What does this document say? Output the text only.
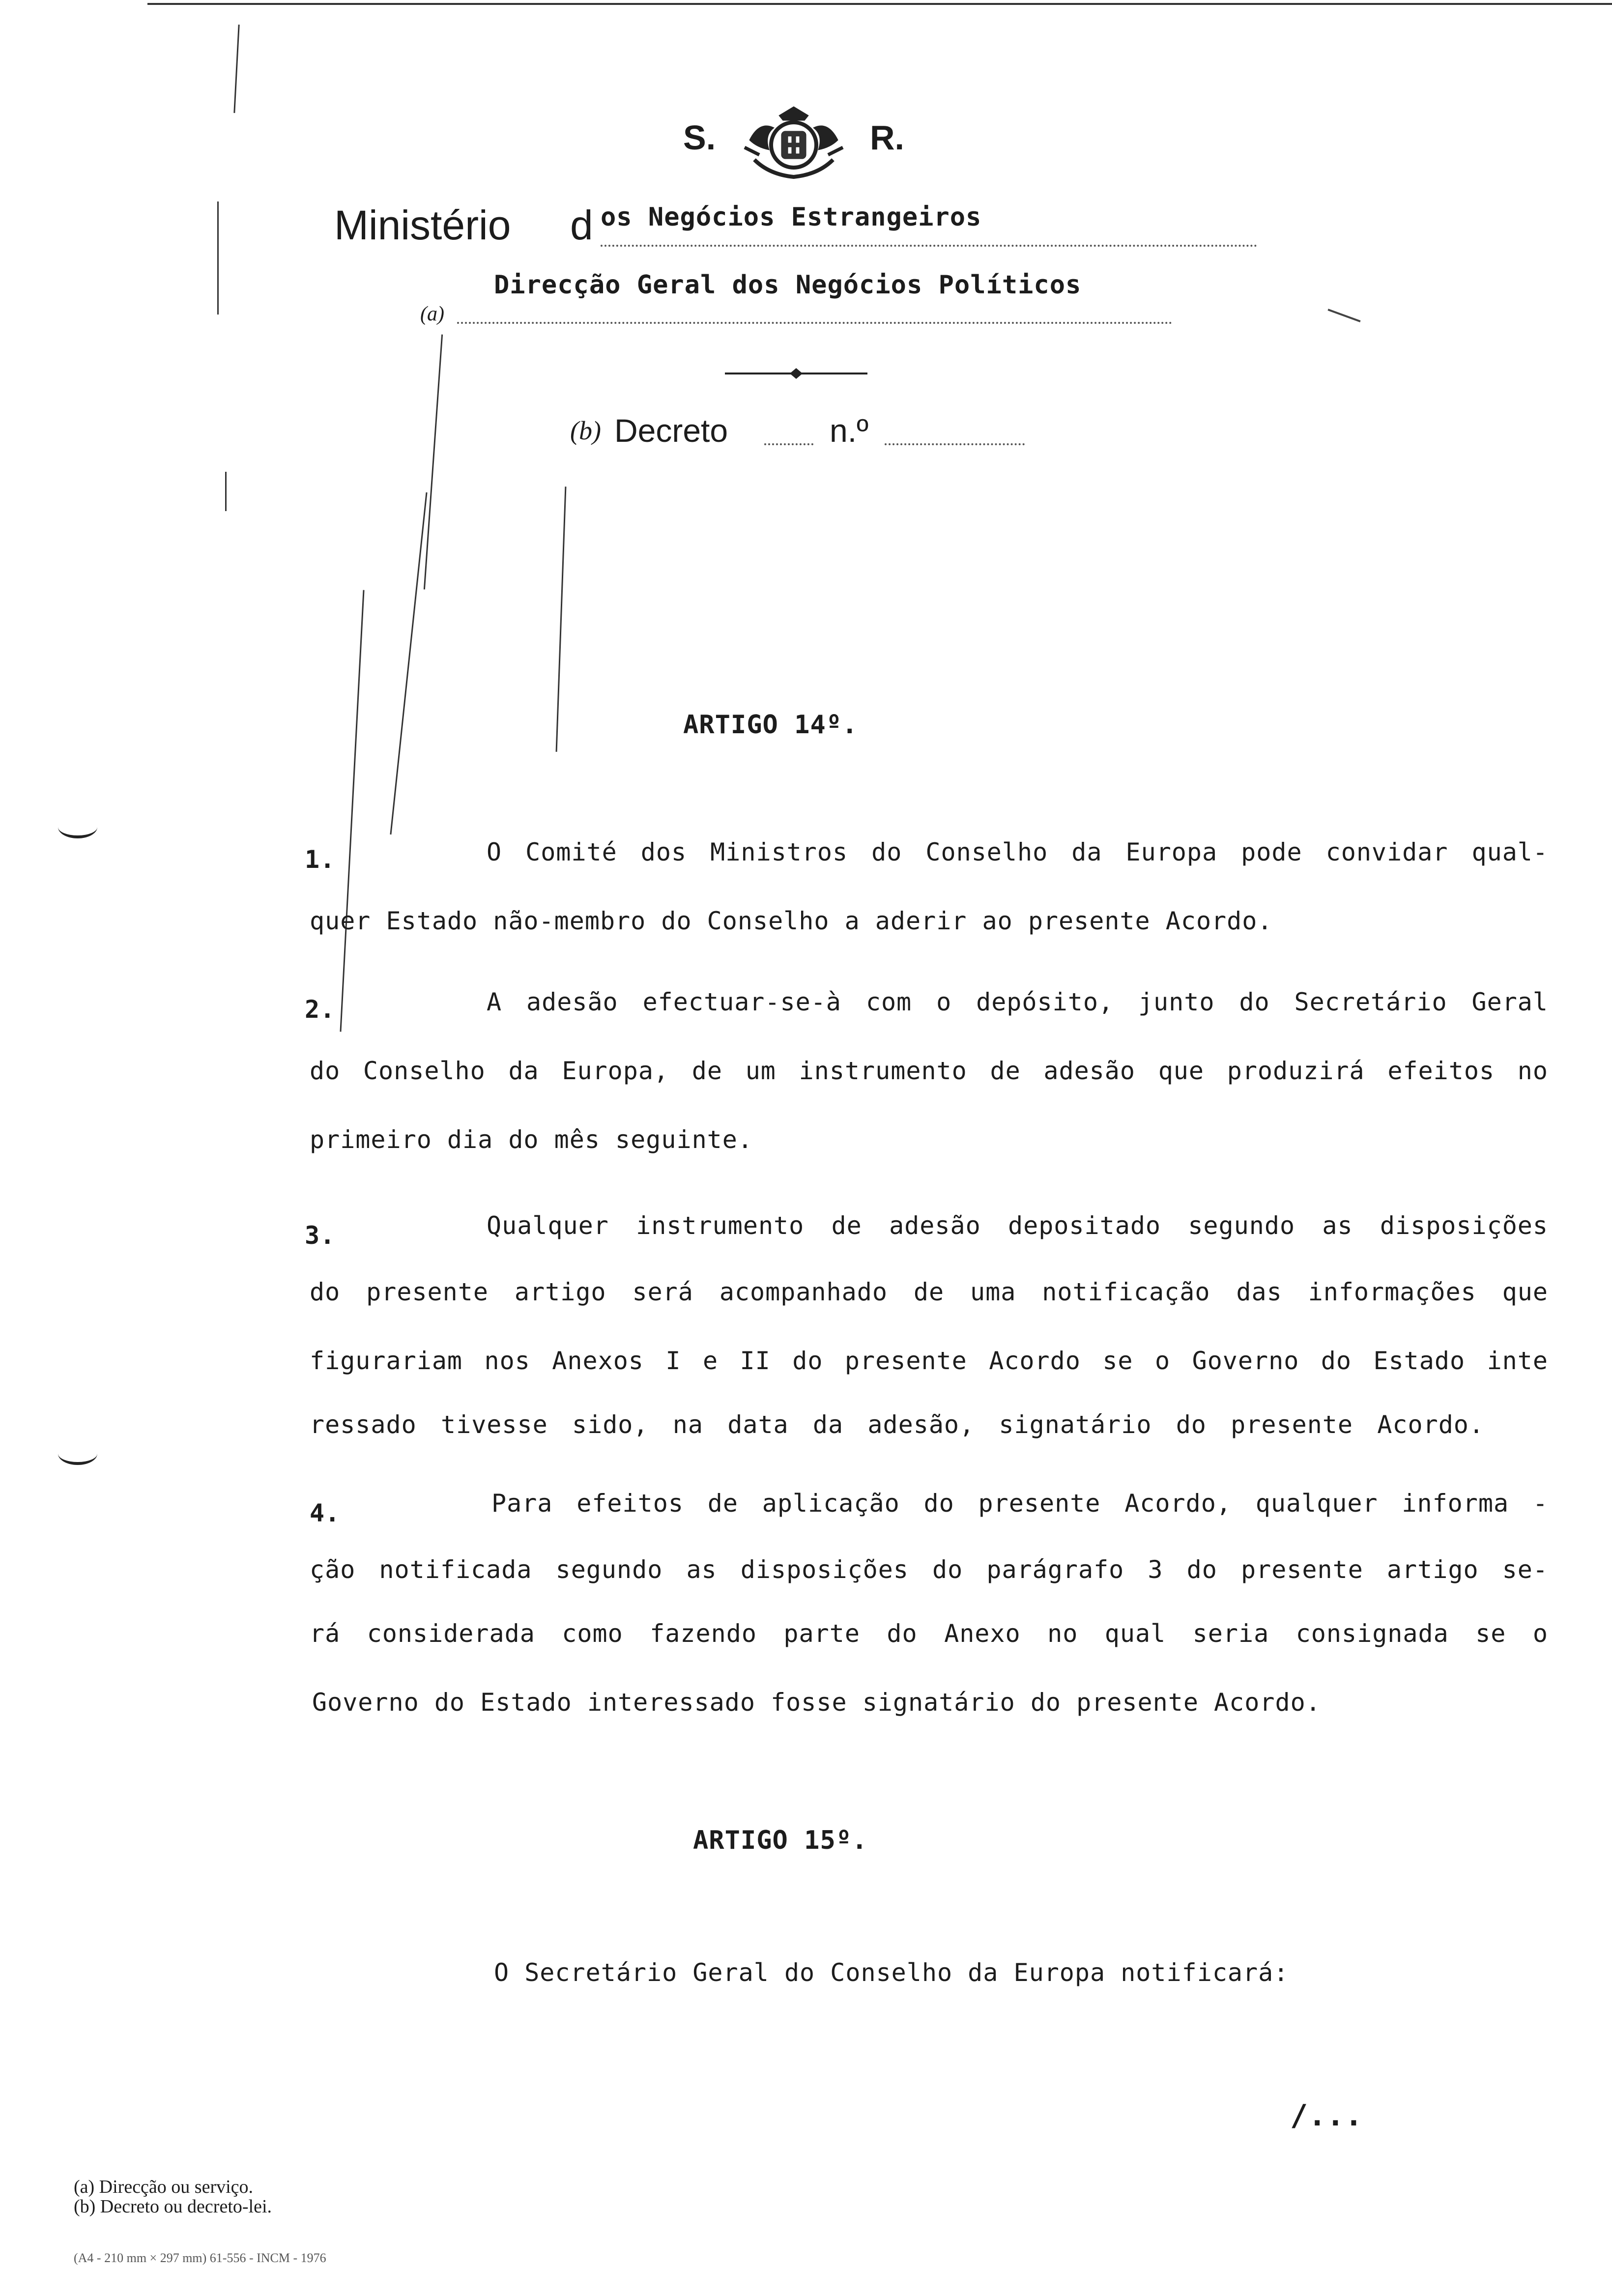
S.	R.
Ministério d os Negócios Estrangeiros
Direcção Geral dos Negócios Políticos
(a)
(b) Decreto	n.º
ARTIGO 14º.
1.	O Comité dos Ministros do Conselho da Europa pode convidar qual-
quer Estado não-membro do Conselho a aderir ao presente Acordo.
2.	A adesão efectuar-se-à com o depósito, junto do Secretário Geral
do Conselho da Europa, de um instrumento de adesão que produzirá efeitos no
primeiro dia do mês seguinte.
3.	Qualquer instrumento de adesão depositado segundo as disposições
do presente artigo será acompanhado de uma notificação das informações que
figurariam nos Anexos I e II do presente Acordo se o Governo do Estado inte
ressado tivesse sido, na data da adesão, signatário do presente Acordo.
4.	Para efeitos de aplicação do presente Acordo, qualquer informa -
ção notificada segundo as disposições do parágrafo 3 do presente artigo se-
rá considerada como fazendo parte do Anexo no qual seria consignada se o
Governo do Estado interessado fosse signatário do presente Acordo.
ARTIGO 15º.
O Secretário Geral do Conselho da Europa notificará:
/...
(a) Direcção ou serviço.
(b) Decreto ou decreto-lei.
(A4 - 210 mm × 297 mm) 61-556 - INCM - 1976
